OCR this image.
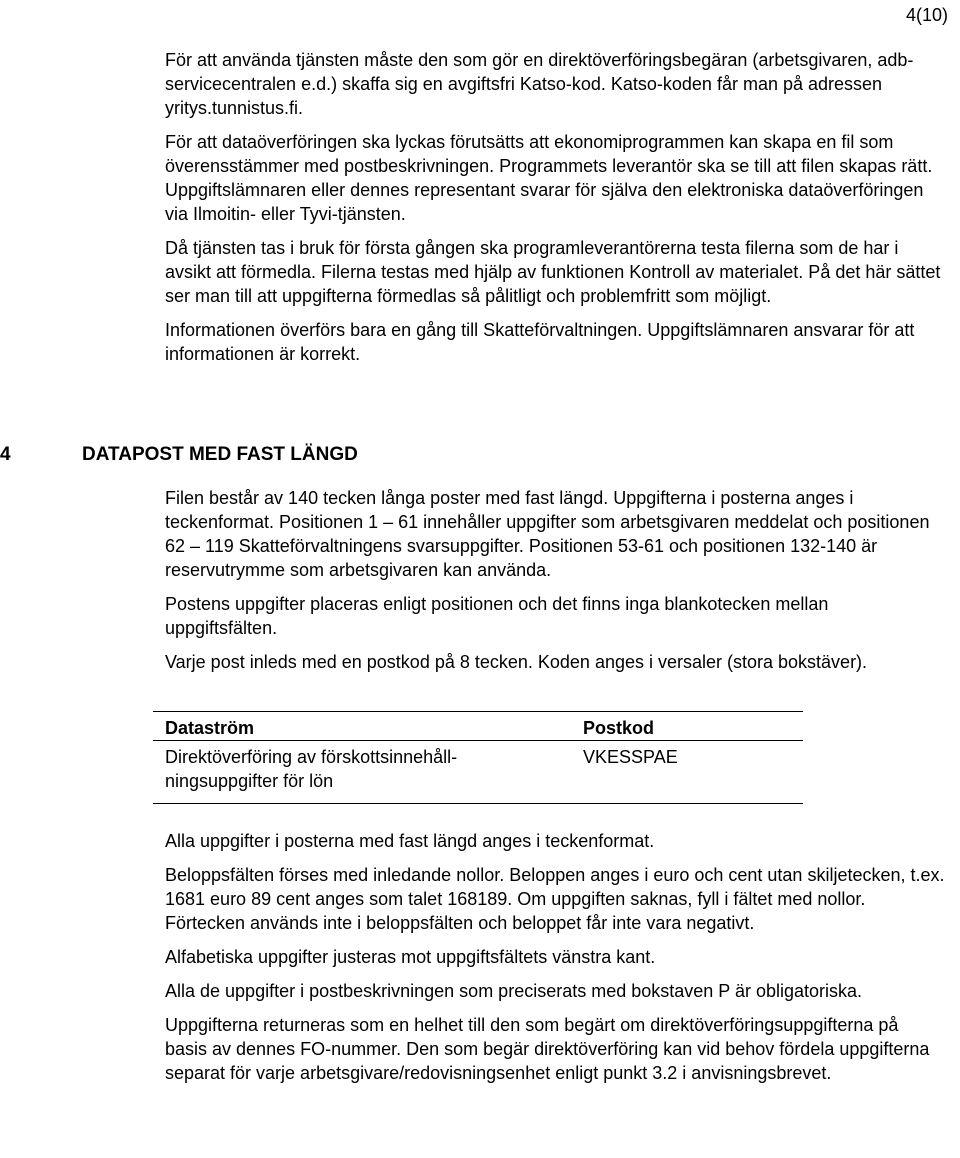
4(10)

För att använda tjänsten måste den som gör en direktöverföringsbegäran (arbetsgivaren, adb-servicecentralen e.d.) skaffa sig en avgiftsfri Katso-kod. Katso-koden får man på adressen yritys.tunnistus.fi.

För att dataöverföringen ska lyckas förutsätts att ekonomiprogrammen kan skapa en fil som överensstämmer med postbeskrivningen. Programmets leverantör ska se till att filen skapas rätt. Uppgiftslämnaren eller dennes representant svarar för själva den elektroniska dataöverföringen via Ilmoitin- eller Tyvi-tjänsten.

Då tjänsten tas i bruk för första gången ska programleverantörerna testa filerna som de har i avsikt att förmedla. Filerna testas med hjälp av funktionen Kontroll av materialet. På det här sättet ser man till att uppgifterna förmedlas så pålitligt och problemfritt som möjligt.

Informationen överförs bara en gång till Skatteförvaltningen. Uppgiftslämnaren ansvarar för att informationen är korrekt.

4	DATAPOST MED FAST LÄNGD

Filen består av 140 tecken långa poster med fast längd. Uppgifterna i posterna anges i teckenformat. Positionen 1 – 61 innehåller uppgifter som arbetsgivaren meddelat och positionen 62 – 119 Skatteförvaltningens svarsuppgifter. Positionen 53-61 och positionen 132-140 är reservutrymme som arbetsgivaren kan använda.

Postens uppgifter placeras enligt positionen och det finns inga blankotecken mellan uppgiftsfälten.

Varje post inleds med en postkod på 8 tecken. Koden anges i versaler (stora bokstäver).

Dataström	Postkod
Direktöverföring av förskottsinnehållningsuppgifter för lön	VKESSPAE

Alla uppgifter i posterna med fast längd anges i teckenformat.

Beloppsfälten förses med inledande nollor. Beloppen anges i euro och cent utan skiljetecken, t.ex. 1681 euro 89 cent anges som talet 168189. Om uppgiften saknas, fyll i fältet med nollor. Förtecken används inte i beloppsfälten och beloppet får inte vara negativt.

Alfabetiska uppgifter justeras mot uppgiftsfältets vänstra kant.

Alla de uppgifter i postbeskrivningen som preciserats med bokstaven P är obligatoriska.

Uppgifterna returneras som en helhet till den som begärt om direktöverföringsuppgifterna på basis av dennes FO-nummer. Den som begär direktöverföring kan vid behov fördela uppgifterna separat för varje arbetsgivare/redovisningsenhet enligt punkt 3.2 i anvisningsbrevet.
